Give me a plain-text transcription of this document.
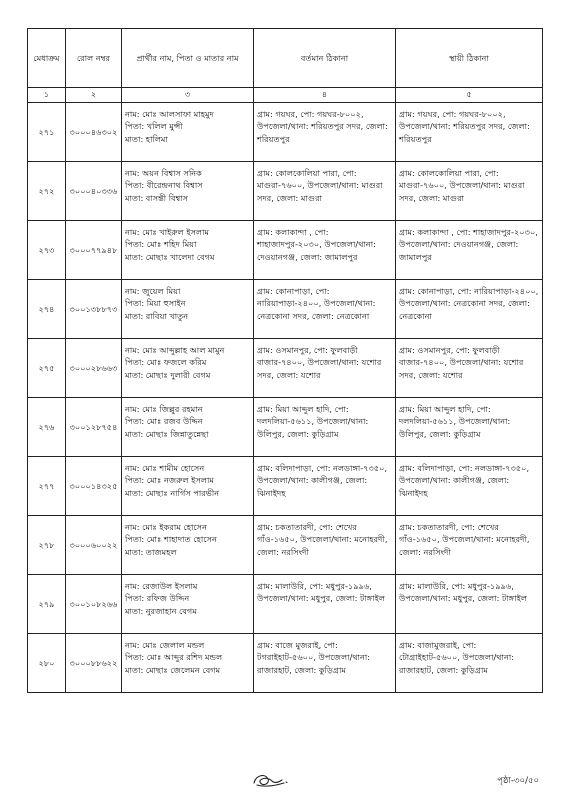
মেধাক্রম	রোল নম্বর	প্রার্থীর নাম, পিতা ও মাতার নাম	বর্তমান ঠিকানা	স্থায়ী ঠিকানা
১	২	৩	৪	৫
২৭১	৩০০০৪৬৩০২	নাম: মোঃ আলসাফা মাহমুদ
পিতা: খলিল মুন্সী
মাতা: হালিমা	গ্রাম: গয়ঘর, পো: গয়ঘর-৮০০২, উপজেলা/থানা: শরিয়তপুর সদর, জেলা: শরিয়তপুর	গ্রাম: গয়ঘর, পো: গয়ঘর-৮০০২, উপজেলা/থানা: শরিয়তপুর সদর, জেলা: শরিয়তপুর

২৭২	৩০০০৪০৩৩৬	নাম: অয়ন বিশ্বাস সনিক
পিতা: বীরেন্দ্রনাথ বিশ্বাস
মাতা: বাসন্তী বিশ্বাস	গ্রাম: কোলকোলিয়া পারা, পো: মাগুরা-৭৬০০, উপজেলা/থানা: মাগুরা সদর, জেলা: মাগুরা	গ্রাম: কোলকোলিয়া পারা, পো: মাগুরা-৭৬০০, উপজেলা/থানা: মাগুরা সদর, জেলা: মাগুরা

২৭৩	৩০০০৭৭৯৪৮	নাম: মোঃ খাইরুল ইসলাম
পিতা: মোঃ শহিদ মিয়া
মাতা: মোছাঃ খালেদা বেগম	গ্রাম: কলাকান্দা , পো: শাহাজাদপুর-২০৩০, উপজেলা/থানা: দেওয়ানগঞ্জ, জেলা: জামালপুর	গ্রাম: কলাকান্দা , পো: শাহাজাদপুর-২০৩০, উপজেলা/থানা: দেওয়ানগঞ্জ, জেলা: জামালপুর

২৭৪	৩০০১৩৮৮৭৩	নাম: জুয়েল মিয়া
পিতা: মিয়া হুসাইন
মাতা: রাবিয়া খাতুন	গ্রাম: কোনাপাড়া, পো: নারিয়াপাড়া-২৪০০, উপজেলা/থানা: নেত্রকোনা সদর, জেলা: নেত্রকোনা	গ্রাম: কোনাপাড়া, পো: নারিয়াপাড়া-২৪০০, উপজেলা/থানা: নেত্রকোনা সদর, জেলা: নেত্রকোনা

২৭৫	৩০০০২৮৬৬৩	নাম: মোঃ আব্দুল্লাহ আল মামুন
পিতা: মোঃ ফজলে করিম
মাতা: মোছাঃ দুলারী বেগম	গ্রাম: ওসমানপুর, পো: ফুলবাড়ী বাজার-৭৪০০, উপজেলা/থানা: যশোর সদর, জেলা: যশোর	গ্রাম: ওসমানপুর, পো: ফুলবাড়ী বাজার-৭৪০০, উপজেলা/থানা: যশোর সদর, জেলা: যশোর

২৭৬	৩০০১২৮৭৫৪	নাম: মোঃ জিল্লুর রহমান
পিতা: মোঃ রজব উদ্দিন
মাতা: মোছাঃ জিন্নাতুন্নেছা	গ্রাম: মিয়া আব্দুল হাদি, পো: দলদলিয়া-৫৬১১, উপজেলা/থানা: উলিপুর, জেলা: কুড়িগ্রাম	গ্রাম: মিয়া আব্দুল হাদি, পো: দলদলিয়া-৫৬১১, উপজেলা/থানা: উলিপুর, জেলা: কুড়িগ্রাম

২৭৭	৩০০০১৪৩২৫	নাম: মোঃ শামীম হোসেন
পিতা: মোঃ নজরুল ইসলাম
মাতা: মোছাঃ নার্গিস পারভীন	গ্রাম: বলিদাপাড়া, পো: নলডাঙ্গা-৭৩৫০, উপজেলা/থানা: কালীগঞ্জ, জেলা: ঝিনাইদহ	গ্রাম: বলিদাপাড়া, পো: নলডাঙ্গা-৭৩৫০, উপজেলা/থানা: কালীগঞ্জ, জেলা: ঝিনাইদহ

২৭৮	৩০০০৬০০২২	নাম: মোঃ ইকরাম হোসেন
পিতা: মোঃ শাহাদাত হোসেন
মাতা: তাজমহল	গ্রাম: চকতাতারদী, পো: শেখের গাঁও-১৬৫০, উপজেলা/থানা: মনোহরদী, জেলা: নরসিংদী	গ্রাম: চকতাতারদী, পো: শেখের গাঁও-১৬৫০, উপজেলা/থানা: মনোহরদী, জেলা: নরসিংদী

২৭৯	৩০০১০৮২৬৬	নাম: রেজাউল ইসলাম
পিতা: রফিজ উদ্দিন
মাতা: নুরজাহান বেগম	গ্রাম: মালাউরি, পো: মধুপুর-১৯৯৬, উপজেলা/থানা: মধুপুর, জেলা: টাঙ্গাইল	গ্রাম: মালাউরি, পো: মধুপুর-১৯৯৬, উপজেলা/থানা: মধুপুর, জেলা: টাঙ্গাইল

২৮০	৩০০০৮৮৬২২	নাম: মোঃ জেলাল মন্ডল
পিতা: মোঃ আব্দুর রশিদ মন্ডল
মাতা: মোছাঃ জেলেমন বেগম	গ্রাম: বাজে মুজরাই, পো: টগরাইহাট-৫৬০০, উপজেলা/থানা: রাজারহাট, জেলা: কুড়িগ্রাম	গ্রাম: বাজামুজরাই, পো: টোগ্রাইহাট-৫৬০০, উপজেলা/থানা: রাজারহাট, জেলা: কুড়িগ্রাম
পৃষ্ঠা-৩০/৫০
